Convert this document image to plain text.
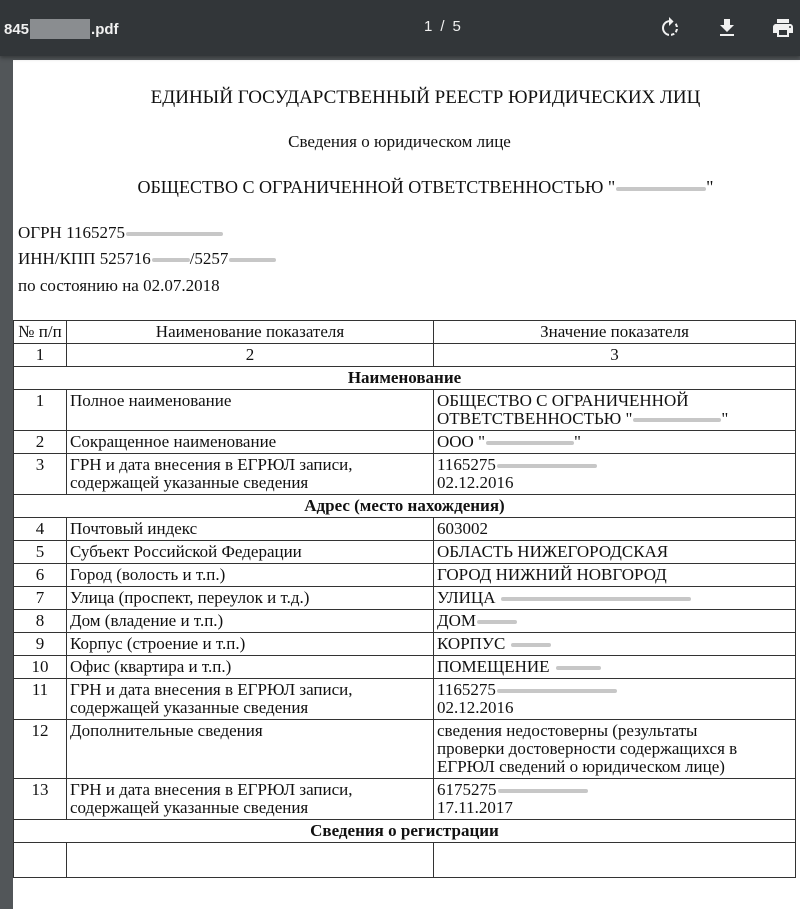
845	.pdf	1 / 5
ЕДИНЫЙ ГОСУДАРСТВЕННЫЙ РЕЕСТР ЮРИДИЧЕСКИХ ЛИЦ
Сведения о юридическом лице
ОБЩЕСТВО С ОГРАНИЧЕННОЙ ОТВЕТСТВЕННОСТЬЮ "	"
ОГРН 1165275
ИНН/КПП 525716 /5257
по состоянию на 02.07.2018
№ п/п	Наименование показателя	Значение показателя
1	2	3
Наименование		
1	Полное наименование	ОБЩЕСТВО С ОГРАНИЧЕННОЙ
ОТВЕТСТВЕННОСТЬЮ " "
2	Сокращенное наименование	ООО " "
3	ГРН и дата внесения в ЕГРЮЛ записи,
содержащей указанные сведения	1165275
02.12.2016
Адрес (место нахождения)		
4	Почтовый индекс	603002
5	Субъект Российской Федерации	ОБЛАСТЬ НИЖЕГОРОДСКАЯ
6	Город (волость и т.п.)	ГОРОД НИЖНИЙ НОВГОРОД
7	Улица (проспект, переулок и т.д.)	УЛИЦА
8	Дом (владение и т.п.)	ДОМ
9	Корпус (строение и т.п.)	КОРПУС
10	Офис (квартира и т.п.)	ПОМЕЩЕНИЕ
11	ГРН и дата внесения в ЕГРЮЛ записи,
содержащей указанные сведения	1165275
02.12.2016
12	Дополнительные сведения	сведения недостоверны (результаты
проверки достоверности содержащихся в
ЕГРЮЛ сведений о юридическом лице)
13	ГРН и дата внесения в ЕГРЮЛ записи,
содержащей указанные сведения	6175275
17.11.2017
Сведения о регистрации		
